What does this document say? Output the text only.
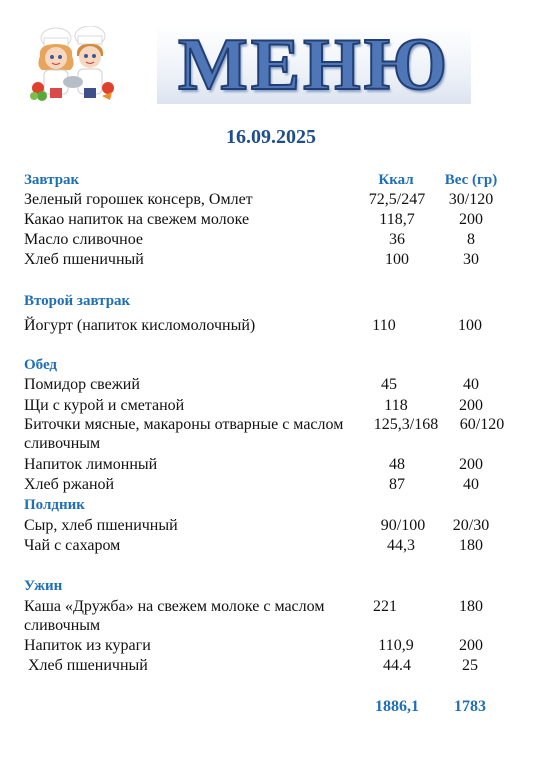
МЕНЮ
16.09.2025
Завтрак	Ккал	Вес (гр)
Зеленый горошек консерв, Омлет	72,5/247	30/120
Какао напиток на свежем молоке	118,7	200
Масло сливочное	36	8
Хлеб пшеничный	100	30
Второй завтрак
Йогурт (напиток кисломолочный)	110	100
Обед
Помидор свежий	45	40
Щи с курой и сметаной	118	200
Биточки мясные, макароны отварные с маслом	125,3/168	60/120
сливочным
Напиток лимонный	48	200
Хлеб ржаной	87	40
Полдник
Сыр, хлеб пшеничный	90/100	20/30
Чай с сахаром	44,3	180
Ужин
Каша «Дружба» на свежем молоке с маслом	221	180
сливочным
Напиток из кураги	110,9	200
Хлеб пшеничный	44.4	25
1886,1	1783
